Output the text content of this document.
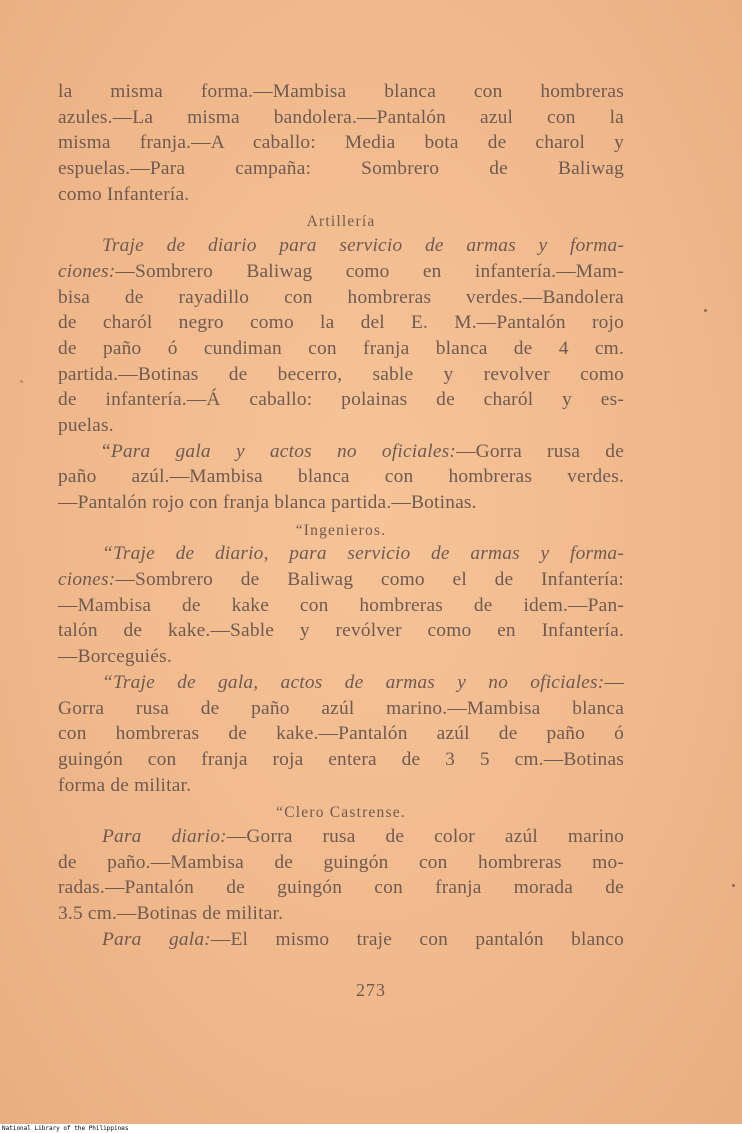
la misma forma.—Mambisa blanca con hombreras
azules.—La misma bandolera.—Pantalón azul con la
misma franja.—A caballo: Media bota de charol y
espuelas.—Para campaña: Sombrero de Baliwag
como Infantería.
Artillería
Traje de diario para servicio de armas y forma-
ciones:—Sombrero Baliwag como en infantería.—Mam-
bisa de rayadillo con hombreras verdes.—Bandolera
de charól negro como la del E. M.—Pantalón rojo
de paño ó cundiman con franja blanca de 4 cm.
partida.—Botinas de becerro, sable y revolver como
de infantería.—Á caballo: polainas de charól y es-
puelas.
“Para gala y actos no oficiales:—Gorra rusa de
paño azúl.—Mambisa blanca con hombreras verdes.
—Pantalón rojo con franja blanca partida.—Botinas.
“Ingenieros.
“Traje de diario, para servicio de armas y forma-
ciones:—Sombrero de Baliwag como el de Infantería:
—Mambisa de kake con hombreras de idem.—Pan-
talón de kake.—Sable y revólver como en Infantería.
—Borceguiés.
“Traje de gala, actos de armas y no oficiales:—
Gorra rusa de paño azúl marino.—Mambisa blanca
con hombreras de kake.—Pantalón azúl de paño ó
guingón con franja roja entera de 3 5 cm.—Botinas
forma de militar.
“Clero Castrense.
Para diario:—Gorra rusa de color azúl marino
de paño.—Mambisa de guingón con hombreras mo-
radas.—Pantalón de guingón con franja morada de
3.5 cm.—Botinas de militar.
Para gala:—El mismo traje con pantalón blanco
273
National Library of the Philippines
